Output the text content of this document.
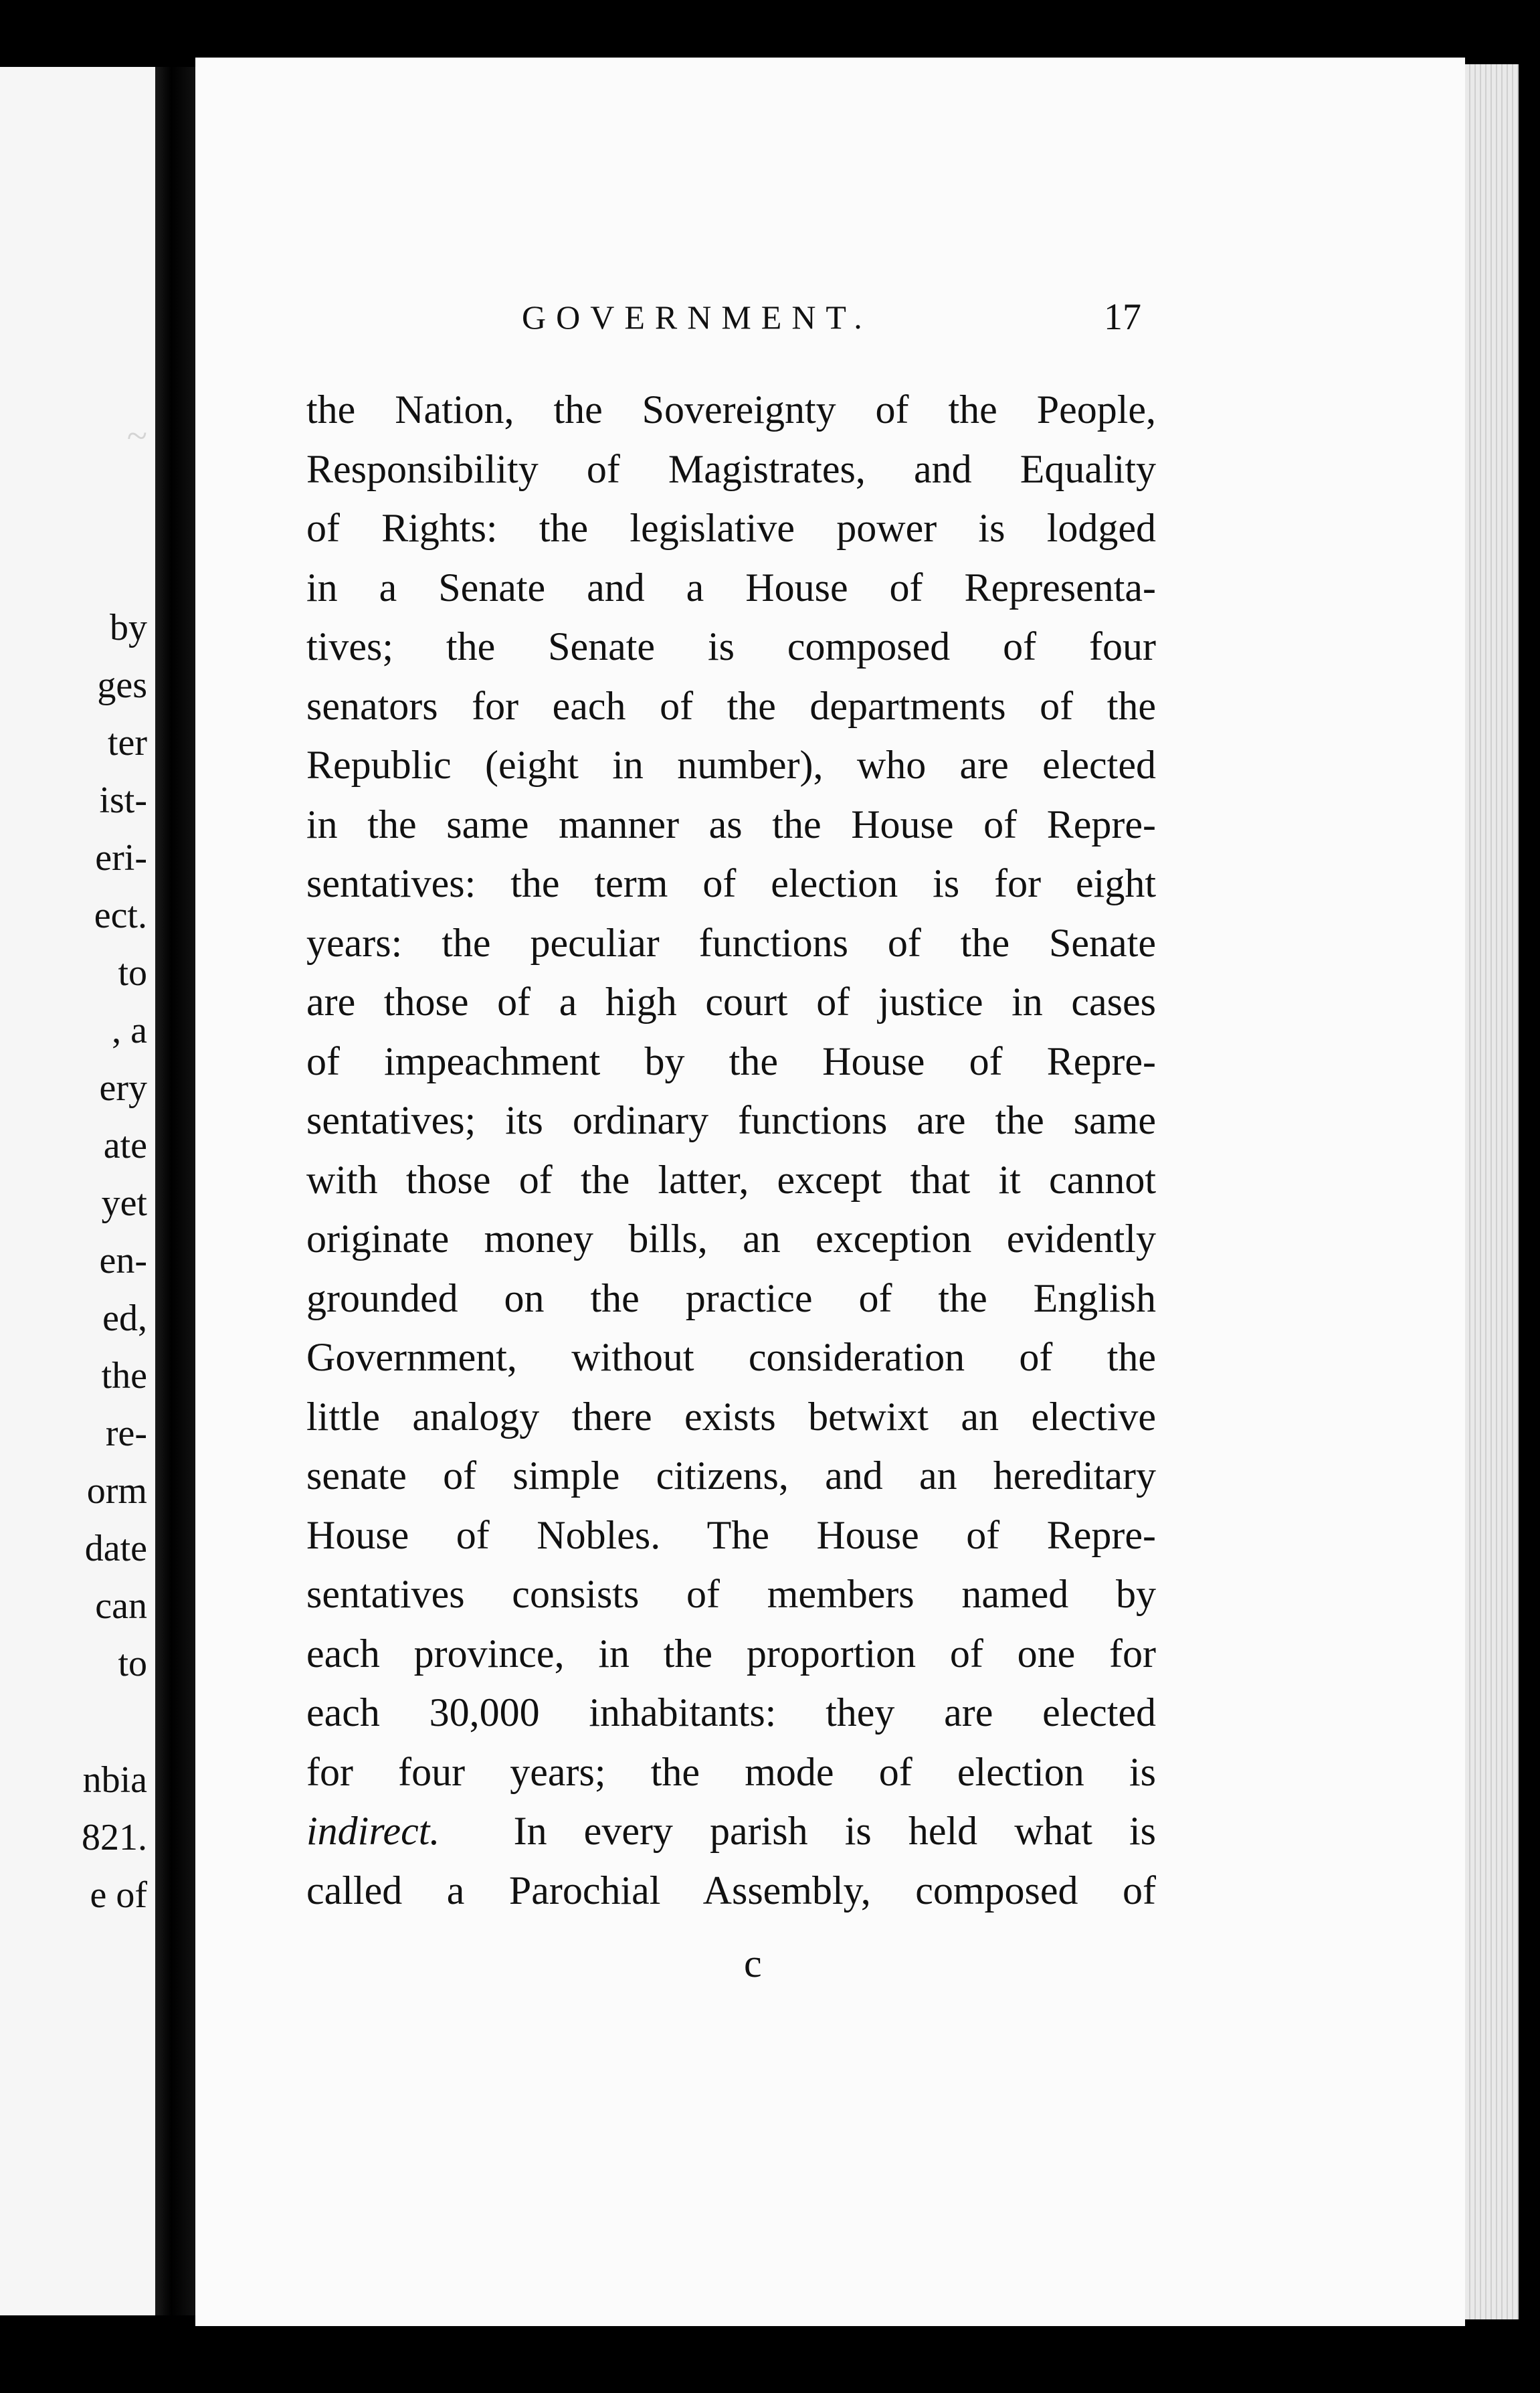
~

by

ges

ter

ist-

eri-

ect.

to

, a

ery

ate

yet

en-

ed,

the

re-

orm

date

can

to

nbia

821.

e of

GOVERNMENT.	17

the Nation, the Sovereignty of the People,
Responsibility of Magistrates, and Equality
of Rights: the legislative power is lodged
in a Senate and a House of Representa-
tives; the Senate is composed of four
senators for each of the departments of the
Republic (eight in number), who are elected
in the same manner as the House of Repre-
sentatives: the term of election is for eight
years: the peculiar functions of the Senate
are those of a high court of justice in cases
of impeachment by the House of Repre-
sentatives; its ordinary functions are the same
with those of the latter, except that it cannot
originate money bills, an exception evidently
grounded on the practice of the English
Government, without consideration of the
little analogy there exists betwixt an elective
senate of simple citizens, and an hereditary
House of Nobles. The House of Repre-
sentatives consists of members named by
each province, in the proportion of one for
each 30,000 inhabitants: they are elected
for four years; the mode of election is
indirect. In every parish is held what is
called a Parochial Assembly, composed of

c
